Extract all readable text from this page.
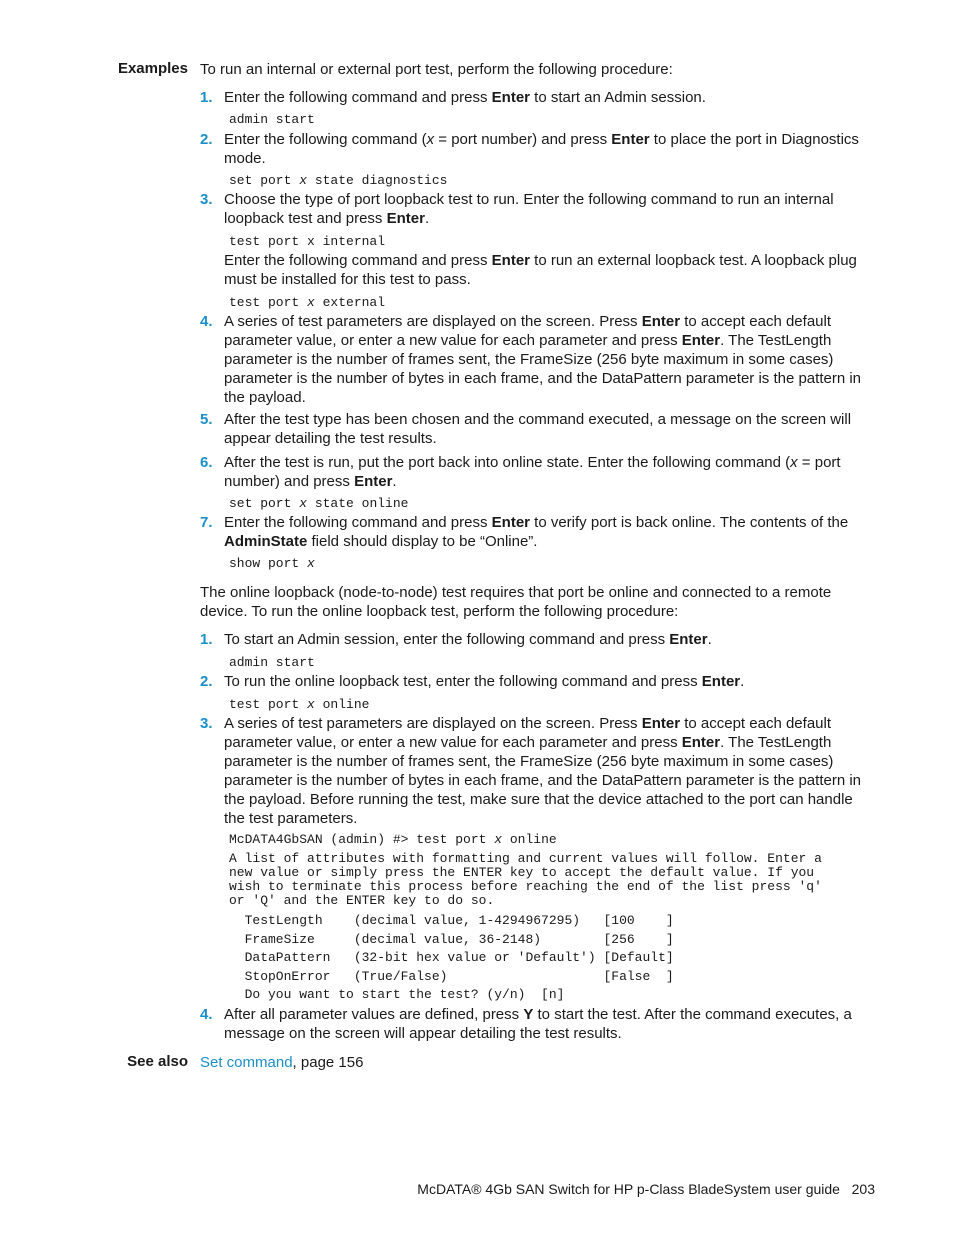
Examples To run an internal or external port test, perform the following procedure:

1. Enter the following command and press Enter to start an Admin session.

admin start
2. Enter the following command (x = port number) and press Enter to place the port in Diagnostics mode.

set port x state diagnostics
3. Choose the type of port loopback test to run. Enter the following command to run an internal loopback test and press Enter.

test port x internal

Enter the following command and press Enter to run an external loopback test. A loopback plug must be installed for this test to pass.

test port x external
4. A series of test parameters are displayed on the screen. Press Enter to accept each default parameter value, or enter a new value for each parameter and press Enter. The TestLength parameter is the number of frames sent, the FrameSize (256 byte maximum in some cases) parameter is the number of bytes in each frame, and the DataPattern parameter is the pattern in the payload.

5. After the test type has been chosen and the command executed, a message on the screen will appear detailing the test results.

6. After the test is run, put the port back into online state. Enter the following command (x = port number) and press Enter.

set port x state online
7. Enter the following command and press Enter to verify port is back online. The contents of the AdminState field should display to be “Online”.

show port x

The online loopback (node-to-node) test requires that port be online and connected to a remote device. To run the online loopback test, perform the following procedure:

1. To start an Admin session, enter the following command and press Enter.

admin start
2. To run the online loopback test, enter the following command and press Enter.

test port x online
3. A series of test parameters are displayed on the screen. Press Enter to accept each default parameter value, or enter a new value for each parameter and press Enter. The TestLength parameter is the number of frames sent, the FrameSize (256 byte maximum in some cases) parameter is the number of bytes in each frame, and the DataPattern parameter is the pattern in the payload. Before running the test, make sure that the device attached to the port can handle the test parameters.

McDATA4GbSAN (admin) #> test port x online
A list of attributes with formatting and current values will follow. Enter a
new value or simply press the ENTER key to accept the default value. If you
wish to terminate this process before reaching the end of the list press 'q'
or 'Q' and the ENTER key to do so.
TestLength    (decimal value, 1-4294967295)   [100    ]
FrameSize     (decimal value, 36-2148)        [256    ]
DataPattern   (32-bit hex value or 'Default') [Default]
StopOnError   (True/False)                    [False  ]
Do you want to start the test? (y/n)  [n]
4. After all parameter values are defined, press Y to start the test. After the command executes, a message on the screen will appear detailing the test results.

See also Set command, page 156

McDATA® 4Gb SAN Switch for HP p-Class BladeSystem user guide   203
